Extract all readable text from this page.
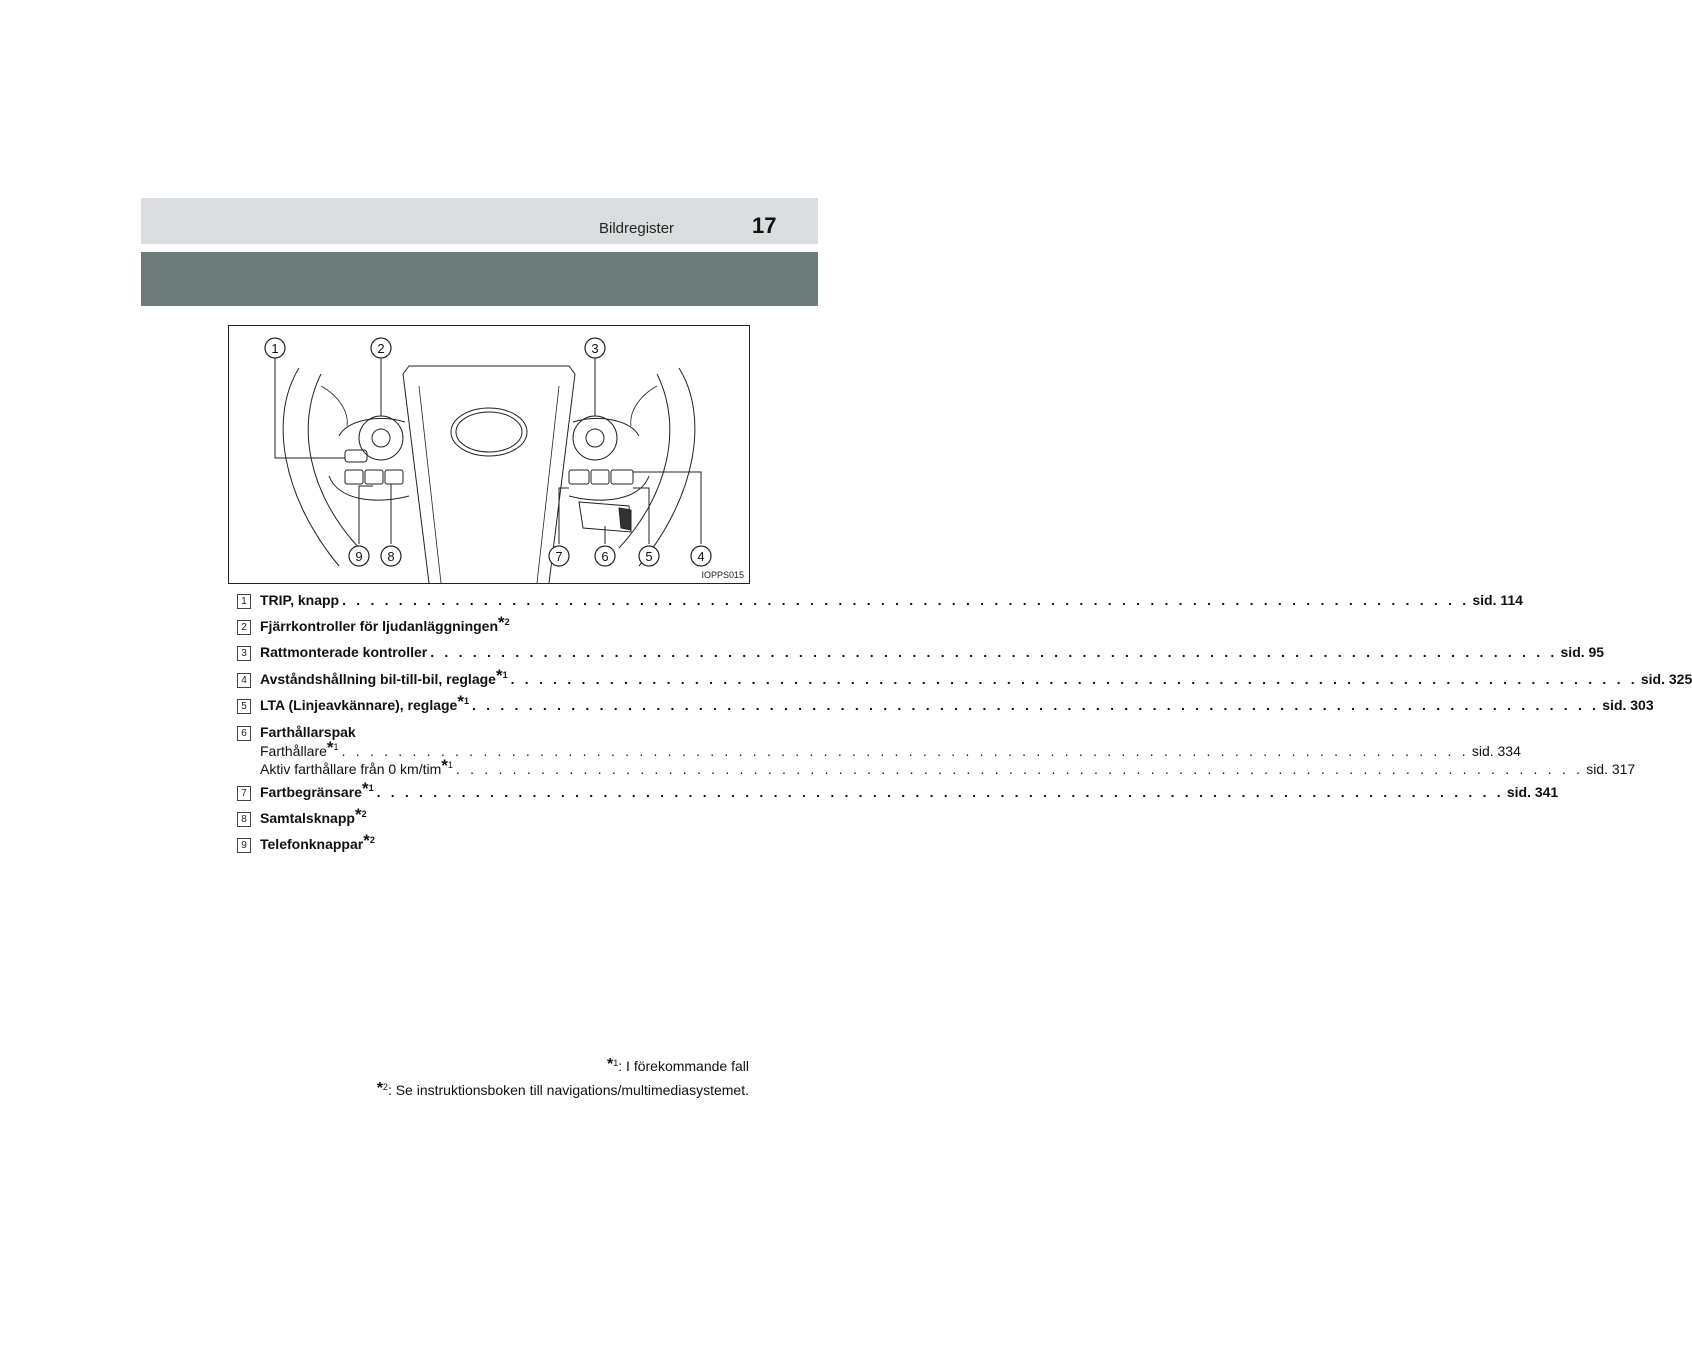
Bildregister	17
1	2	3
4
5
6
7
8
9
IOPPS015
1 TRIP, knapp . . . . . . . . . . . . . . . . . . . . . . . . . . . . . . . . . . . . . . . . . . . . . . . . . . . . . . . . . . . . . . . . . . . . . . . . . . . . . . . . sid. 114
2 Fjärrkontroller för ljudanläggningen$^{*2}$
3 Rattmonterade kontroller . . . . . . . . . . . . . . . . . . . . . . . . . . . . . . . . . . . . . . . . . . . . . . . . . . . . . . . . . . . . . . . . . . . . . . . . . . . . . . . . sid. 95
4 Avståndshållning bil-till-bil, reglage$^{*1}$ . . . . . . . . . . . . . . . . . . . . . . . . . . . . . . . . . . . . . . . . . . . . . . . . . . . . . . . . . . . . . . . . . . . . . . . . . . . . . . . . sid. 325
5 LTA (Linjeavkännare), reglage$^{*1}$ . . . . . . . . . . . . . . . . . . . . . . . . . . . . . . . . . . . . . . . . . . . . . . . . . . . . . . . . . . . . . . . . . . . . . . . . . . . . . . . . sid. 303
6 Farthållarspak
Farthållare$^{*1}$ . . . . . . . . . . . . . . . . . . . . . . . . . . . . . . . . . . . . . . . . . . . . . . . . . . . . . . . . . . . . . . . . . . . . . . . . . . . . . . . . sid. 334
Aktiv farthållare från 0 km/tim$^{*1}$ . . . . . . . . . . . . . . . . . . . . . . . . . . . . . . . . . . . . . . . . . . . . . . . . . . . . . . . . . . . . . . . . . . . . . . . . . . . . . . . . sid. 317
7 Fartbegränsare$^{*1}$ . . . . . . . . . . . . . . . . . . . . . . . . . . . . . . . . . . . . . . . . . . . . . . . . . . . . . . . . . . . . . . . . . . . . . . . . . . . . . . . . sid. 341
8 Samtalsknapp$^{*2}$
9 Telefonknappar$^{*2}$
*$^1$: I förekommande fall
*$^2$: Se instruktionsboken till navigations/multimediasystemet.
